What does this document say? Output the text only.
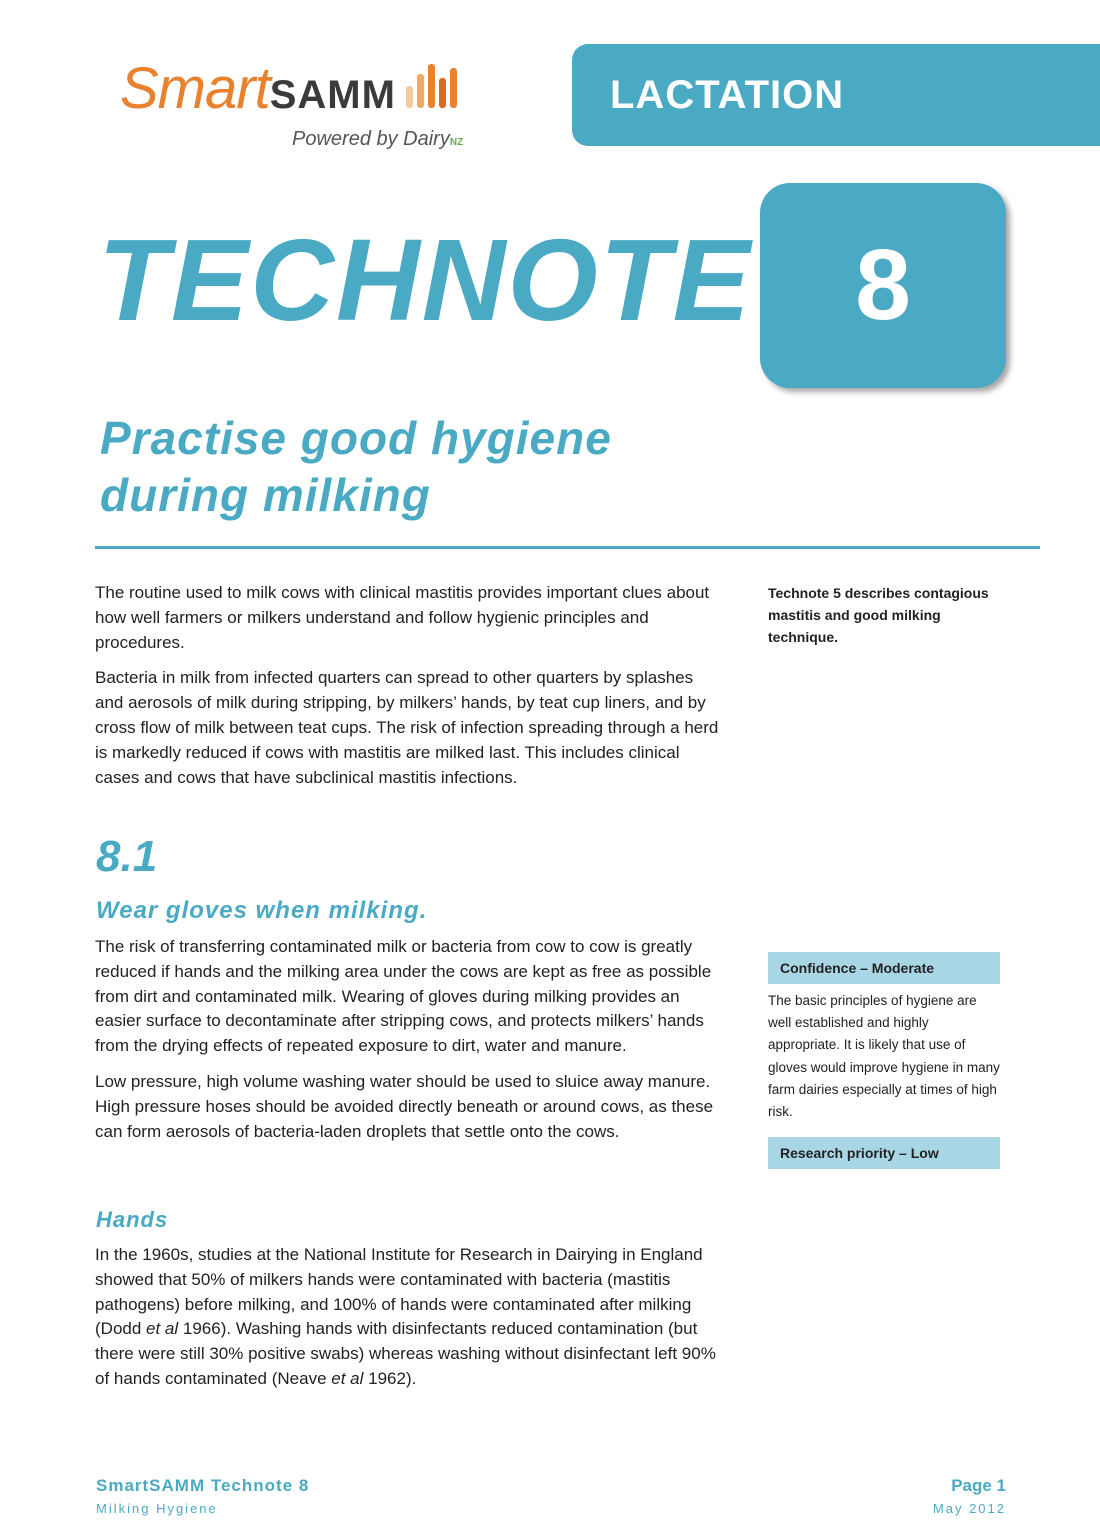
Smart SAMM
Powered by DairyNZ
LACTATION
TECHNOTE	8
Practise good hygiene
during milking

The routine used to milk cows with clinical mastitis provides important clues about how well farmers or milkers understand and follow hygienic principles and procedures.

Bacteria in milk from infected quarters can spread to other quarters by splashes and aerosols of milk during stripping, by milkers’ hands, by teat cup liners, and by cross flow of milk between teat cups. The risk of infection spreading through a herd is markedly reduced if cows with mastitis are milked last. This includes clinical cases and cows that have subclinical mastitis infections.

Technote 5 describes contagious mastitis and good milking technique.
8.1
Wear gloves when milking.

The risk of transferring contaminated milk or bacteria from cow to cow is greatly reduced if hands and the milking area under the cows are kept as free as possible from dirt and contaminated milk. Wearing of gloves during milking provides an easier surface to decontaminate after stripping cows, and protects milkers’ hands from the drying effects of repeated exposure to dirt, water and manure.

Low pressure, high volume washing water should be used to sluice away manure. High pressure hoses should be avoided directly beneath or around cows, as these can form aerosols of bacteria-laden droplets that settle onto the cows.

Hands

In the 1960s, studies at the National Institute for Research in Dairying in England showed that 50% of milkers hands were contaminated with bacteria (mastitis pathogens) before milking, and 100% of hands were contaminated after milking (Dodd et al 1966). Washing hands with disinfectants reduced contamination (but there were still 30% positive swabs) whereas washing without disinfectant left 90% of hands contaminated (Neave et al 1962).

Confidence – Moderate
The basic principles of hygiene are well established and highly appropriate. It is likely that use of gloves would improve hygiene in many farm dairies especially at times of high risk.
Research priority – Low
SmartSAMM Technote 8
Milking Hygiene
Page 1
May 2012
